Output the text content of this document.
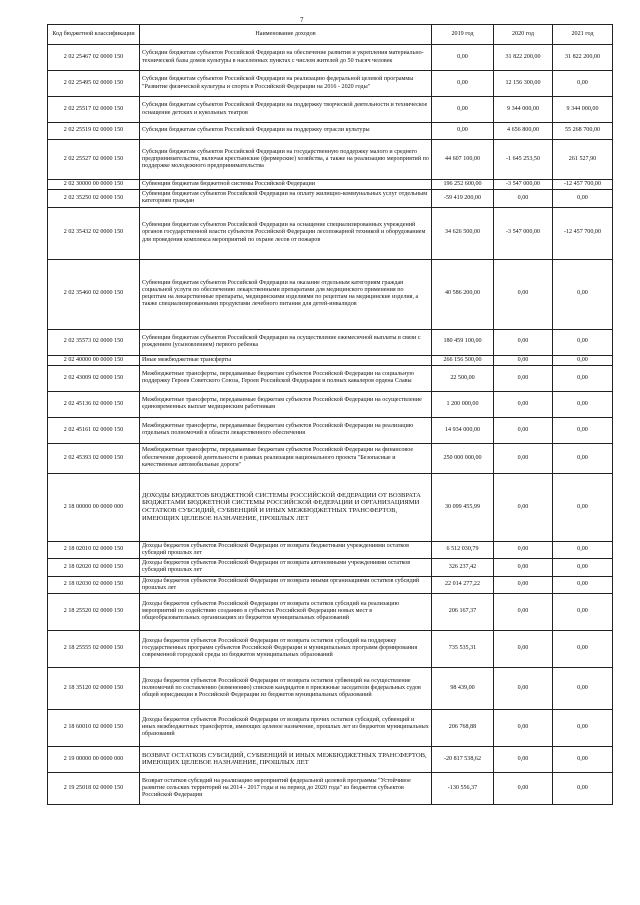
7
Код бюджетной классификации	Наименование доходов	2019 год	2020 год	2021 год
2 02 25467 02 0000 150	Субсидии бюджетам субъектов Российской Федерации на обеспечение развития и укрепления материально-технической базы домов культуры в населенных пунктах с числом жителей до 50 тысяч человек	0,00	31 822 200,00	31 822 200,00
2 02 25495 02 0000 150	Субсидии бюджетам субъектов Российской Федерации на реализацию федеральной целевой программы "Развитие физической культуры и спорта в Российской Федерации на 2016 - 2020 годы"	0,00	12 156 300,00	0,00
2 02 25517 02 0000 150	Субсидии бюджетам субъектов Российской Федерации на поддержку творческой деятельности и техническое оснащение детских и кукольных театров	0,00	9 344 000,00	9 344 000,00
2 02 25519 02 0000 150	Субсидии бюджетам субъектов Российской Федерации на поддержку отрасли культуры	0,00	4 656 800,00	55 268 700,00
2 02 25527 02 0000 150	Субсидии бюджетам субъектов Российской Федерации на государственную поддержку малого и среднего предпринимательства, включая крестьянские (фермерские) хозяйства, а также на реализацию мероприятий по поддержке молодежного предпринимательства	44 607 100,00	-1 645 253,50	261 527,90
2 02 30000 00 0000 150	Субвенции бюджетам бюджетной системы Российской Федерации	196 252 600,00	-3 547 000,00	-12 457 700,00
2 02 35250 02 0000 150	Субвенции бюджетам субъектов Российской Федерации на оплату жилищно-коммунальных услуг отдельным категориям граждан	-59 419 200,00	0,00	0,00
2 02 35432 02 0000 150	Субвенции бюджетам субъектов Российской Федерации на оснащение специализированных учреждений органов государственной власти субъектов Российской Федерации лесопожарной техникой и оборудованием для проведения комплекса мероприятий по охране лесов от пожаров	34 626 500,00	-3 547 000,00	-12 457 700,00
2 02 35460 02 0000 150	Субвенции бюджетам субъектов Российской Федерации на оказание отдельным категориям граждан социальной услуги по обеспечению лекарственными препаратами для медицинского применения по рецептам на лекарственные препараты, медицинскими изделиями по рецептам на медицинские изделия, а также специализированными продуктами лечебного питания для детей-инвалидов	40 586 200,00	0,00	0,00
2 02 35573 02 0000 150	Субвенции бюджетам субъектов Российской Федерации на осуществление ежемесячной выплаты в связи с рождением (усыновлением) первого ребенка	180 459 100,00	0,00	0,00
2 02 40000 00 0000 150	Иные межбюджетные трансферты	266 156 500,00	0,00	0,00
2 02 43009 02 0000 150	Межбюджетные трансферты, передаваемые бюджетам субъектов Российской Федерации на социальную поддержку Героев Советского Союза, Героев Российской Федерации и полных кавалеров ордена Славы	22 500,00	0,00	0,00
2 02 45136 02 0000 150	Межбюджетные трансферты, передаваемые бюджетам субъектов Российской Федерации на осуществление единовременных выплат медицинским работникам	1 200 000,00	0,00	0,00
2 02 45161 02 0000 150	Межбюджетные трансферты, передаваемые бюджетам субъектов Российской Федерации на реализацию отдельных полномочий в области лекарственного обеспечения	14 934 000,00	0,00	0,00
2 02 45393 02 0000 150	Межбюджетные трансферты, передаваемые бюджетам субъектов Российской Федерации на финансовое обеспечение дорожной деятельности в рамках реализации национального проекта "Безопасные и качественные автомобильные дороги"	250 000 000,00	0,00	0,00
2 18 00000 00 0000 000	ДОХОДЫ БЮДЖЕТОВ БЮДЖЕТНОЙ СИСТЕМЫ РОССИЙСКОЙ ФЕДЕРАЦИИ ОТ ВОЗВРАТА БЮДЖЕТАМИ БЮДЖЕТНОЙ СИСТЕМЫ РОССИЙСКОЙ ФЕДЕРАЦИИ И ОРГАНИЗАЦИЯМИ ОСТАТКОВ СУБСИДИЙ, СУБВЕНЦИЙ И ИНЫХ МЕЖБЮДЖЕТНЫХ ТРАНСФЕРТОВ, ИМЕЮЩИХ ЦЕЛЕВОЕ НАЗНАЧЕНИЕ, ПРОШЛЫХ ЛЕТ	30 099 455,99	0,00	0,00
2 18 02010 02 0000 150	Доходы бюджетов субъектов Российской Федерации от возврата бюджетными учреждениями остатков субсидий прошлых лет	6 512 030,79	0,00	0,00
2 18 02020 02 0000 150	Доходы бюджетов субъектов Российской Федерации от возврата автономными учреждениями остатков субсидий прошлых лет	326 237,42	0,00	0,00
2 18 02030 02 0000 150	Доходы бюджетов субъектов Российской Федерации от возврата иными организациями остатков субсидий прошлых лет	22 014 277,22	0,00	0,00
2 18 25520 02 0000 150	Доходы бюджетов субъектов Российской Федерации от возврата остатков субсидий на реализацию мероприятий по содействию созданию в субъектах Российской Федерации новых мест в общеобразовательных организациях из бюджетов муниципальных образований	206 167,37	0,00	0,00
2 18 25555 02 0000 150	Доходы бюджетов субъектов Российской Федерации от возврата остатков субсидий на поддержку государственных программ субъектов Российской Федерации и муниципальных программ формирования современной городской среды из бюджетов муниципальных образований	735 535,31	0,00	0,00
2 18 35120 02 0000 150	Доходы бюджетов субъектов Российской Федерации от возврата остатков субвенций на осуществление полномочий по составлению (изменению) списков кандидатов в присяжные заседатели федеральных судов общей юрисдикции в Российской Федерации из бюджетов муниципальных образований	98 439,00	0,00	0,00
2 18 60010 02 0000 150	Доходы бюджетов субъектов Российской Федерации от возврата прочих остатков субсидий, субвенций и иных межбюджетных трансфертов, имеющих целевое назначение, прошлых лет из бюджетов муниципальных образований	206 768,88	0,00	0,00
2 19 00000 00 0000 000	ВОЗВРАТ ОСТАТКОВ СУБСИДИЙ, СУБВЕНЦИЙ И ИНЫХ МЕЖБЮДЖЕТНЫХ ТРАНСФЕРТОВ, ИМЕЮЩИХ ЦЕЛЕВОЕ НАЗНАЧЕНИЕ, ПРОШЛЫХ ЛЕТ	-20 817 538,62	0,00	0,00
2 19 25018 02 0000 150	Возврат остатков субсидий на реализацию мероприятий федеральной целевой программы "Устойчивое развитие сельских территорий на 2014 - 2017 годы и на период до 2020 года" из бюджетов субъектов Российской Федерации	-130 556,37	0,00	0,00
